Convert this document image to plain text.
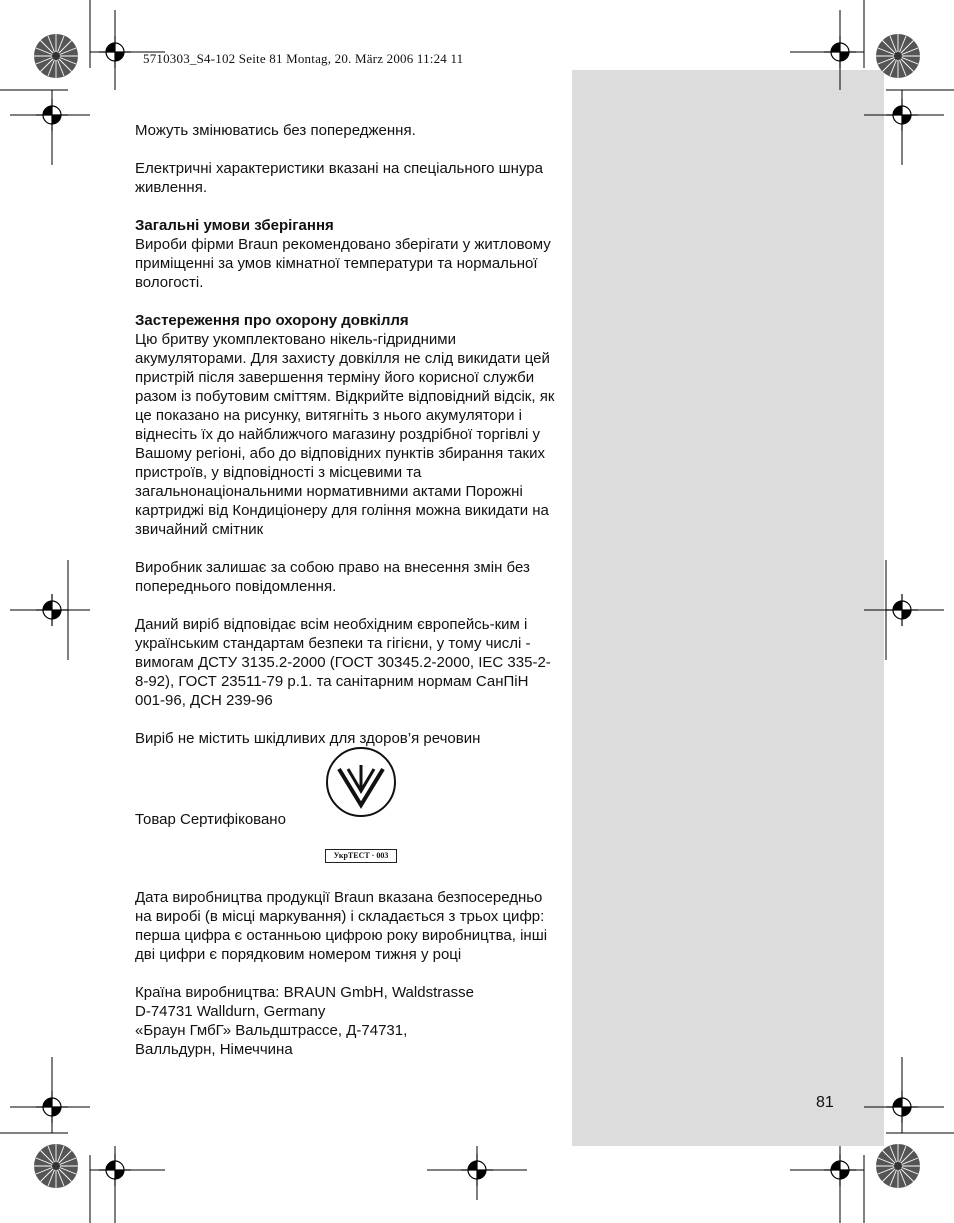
5710303_S4-102 Seite 81 Montag, 20. März 2006 11:24 11

Можуть змінюватись без попередження.

Електричні характеристики вказані на спеціального шнура живлення.

Загальні умови зберігання
Вироби фірми Braun рекомендовано зберігати у житловому приміщенні за умов кімнатної температури та нормальної вологості.

Застереження про охорону довкілля
Цю бритву укомплектовано нікель-гідридними акумуляторами. Для захисту довкілля не слід викидати цей пристрій після завершення терміну його корисної служби разом із побутовим сміттям. Відкрийте відповідний відсік, як це показано на рисунку, витягніть з нього акумулятори і віднесіть їх до найближчого магазину роздрібної торгівлі у Вашому регіоні, або до відповідних пунктів збирання таких пристроїв, у відповідності з місцевими та загальнонаціональними нормативними актами Порожні картриджі від Кондиціонеру для гоління можна викидати на звичайний смітник

Виробник залишає за собою право на внесення змін без попереднього повідомлення.

Даний виріб відповідає всім необхідним європейсь-ким і українським стандартам безпеки та гігієни, у тому числі - вимогам ДСТУ 3135.2-2000 (ГОСТ 30345.2-2000, IEC 335-2-8-92), ГОСТ 23511-79 р.1. та санітарним нормам СанПіН 001-96, ДСН 239-96

Виріб не містить шкідливих для здоров’я речовин

Товар Сертифіковано
УкрТЕСТ · 003

Дата виробництва продукції Braun вказана безпосередньо на виробі (в місці маркування) і складається з трьох цифр: перша цифра є останньою цифрою року виробництва, інші дві цифри є порядковим номером тижня у році

Країна виробництва: BRAUN GmbH, Waldstrasse
D-74731 Walldurn, Germany
«Браун ГмбГ» Вальдштрассе, Д-74731,
Валльдурн, Німеччина

81
